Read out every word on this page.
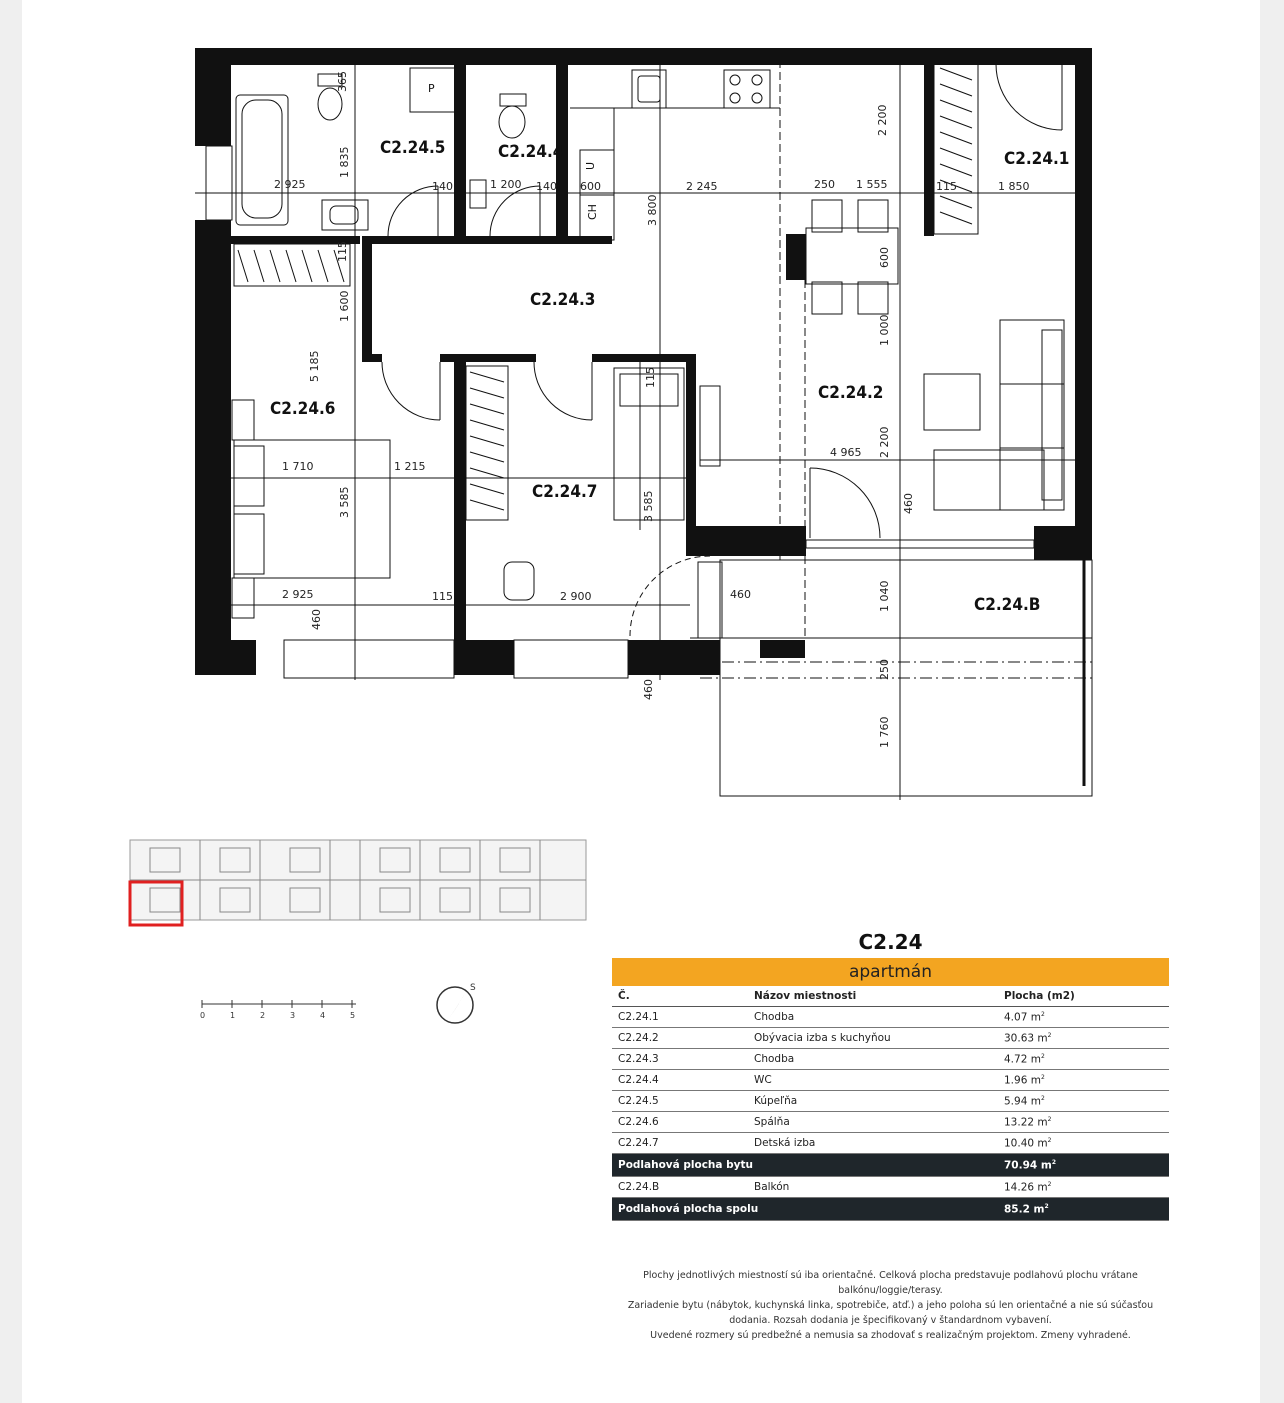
C2.24.5	C2.24.4	C2.24.1
C2.24.3
C2.24.2
C2.24.6
C2.24.7
C2.24.B
P
U
CH
365
1 835
2 925	140	1 200 140 600	2 245
3 800
2 200
250 1 555	115	1 850
115
1 600
5 185
600
1 000
115
2 200
4 965
1 710	1 215
3 585	3 585
2 925	115	2 900
460
460
460
1 040
250
1 760
460
0	1	2	3	4	5
S
C2.24
apartmán
Č.	Názov miestnosti	Plocha (m2)
C2.24.1	Chodba	4.07 $m^2$
C2.24.2	Obývacia izba s kuchyňou	30.63 $m^2$
C2.24.3	Chodba	4.72 $m^2$
C2.24.4	WC	1.96 $m^2$
C2.24.5	Kúpeľňa	5.94 $m^2$
C2.24.6	Spálňa	13.22 $m^2$
C2.24.7	Detská izba	10.40 $m^2$
Podlahová plocha bytu		70.94 $m^2$
C2.24.B	Balkón	14.26 $m^2$
Podlahová plocha spolu		85.2 $m^2$
Plochy jednotlivých miestností sú iba orientačné. Celková plocha predstavuje podlahovú plochu vrátane
balkónu/loggie/terasy.
Zariadenie bytu (nábytok, kuchynská linka, spotrebiče, atď.) a jeho poloha sú len orientačné a nie sú súčasťou
dodania. Rozsah dodania je špecifikovaný v štandardnom vybavení.
Uvedené rozmery sú predbežné a nemusia sa zhodovať s realizačným projektom. Zmeny vyhradené.
